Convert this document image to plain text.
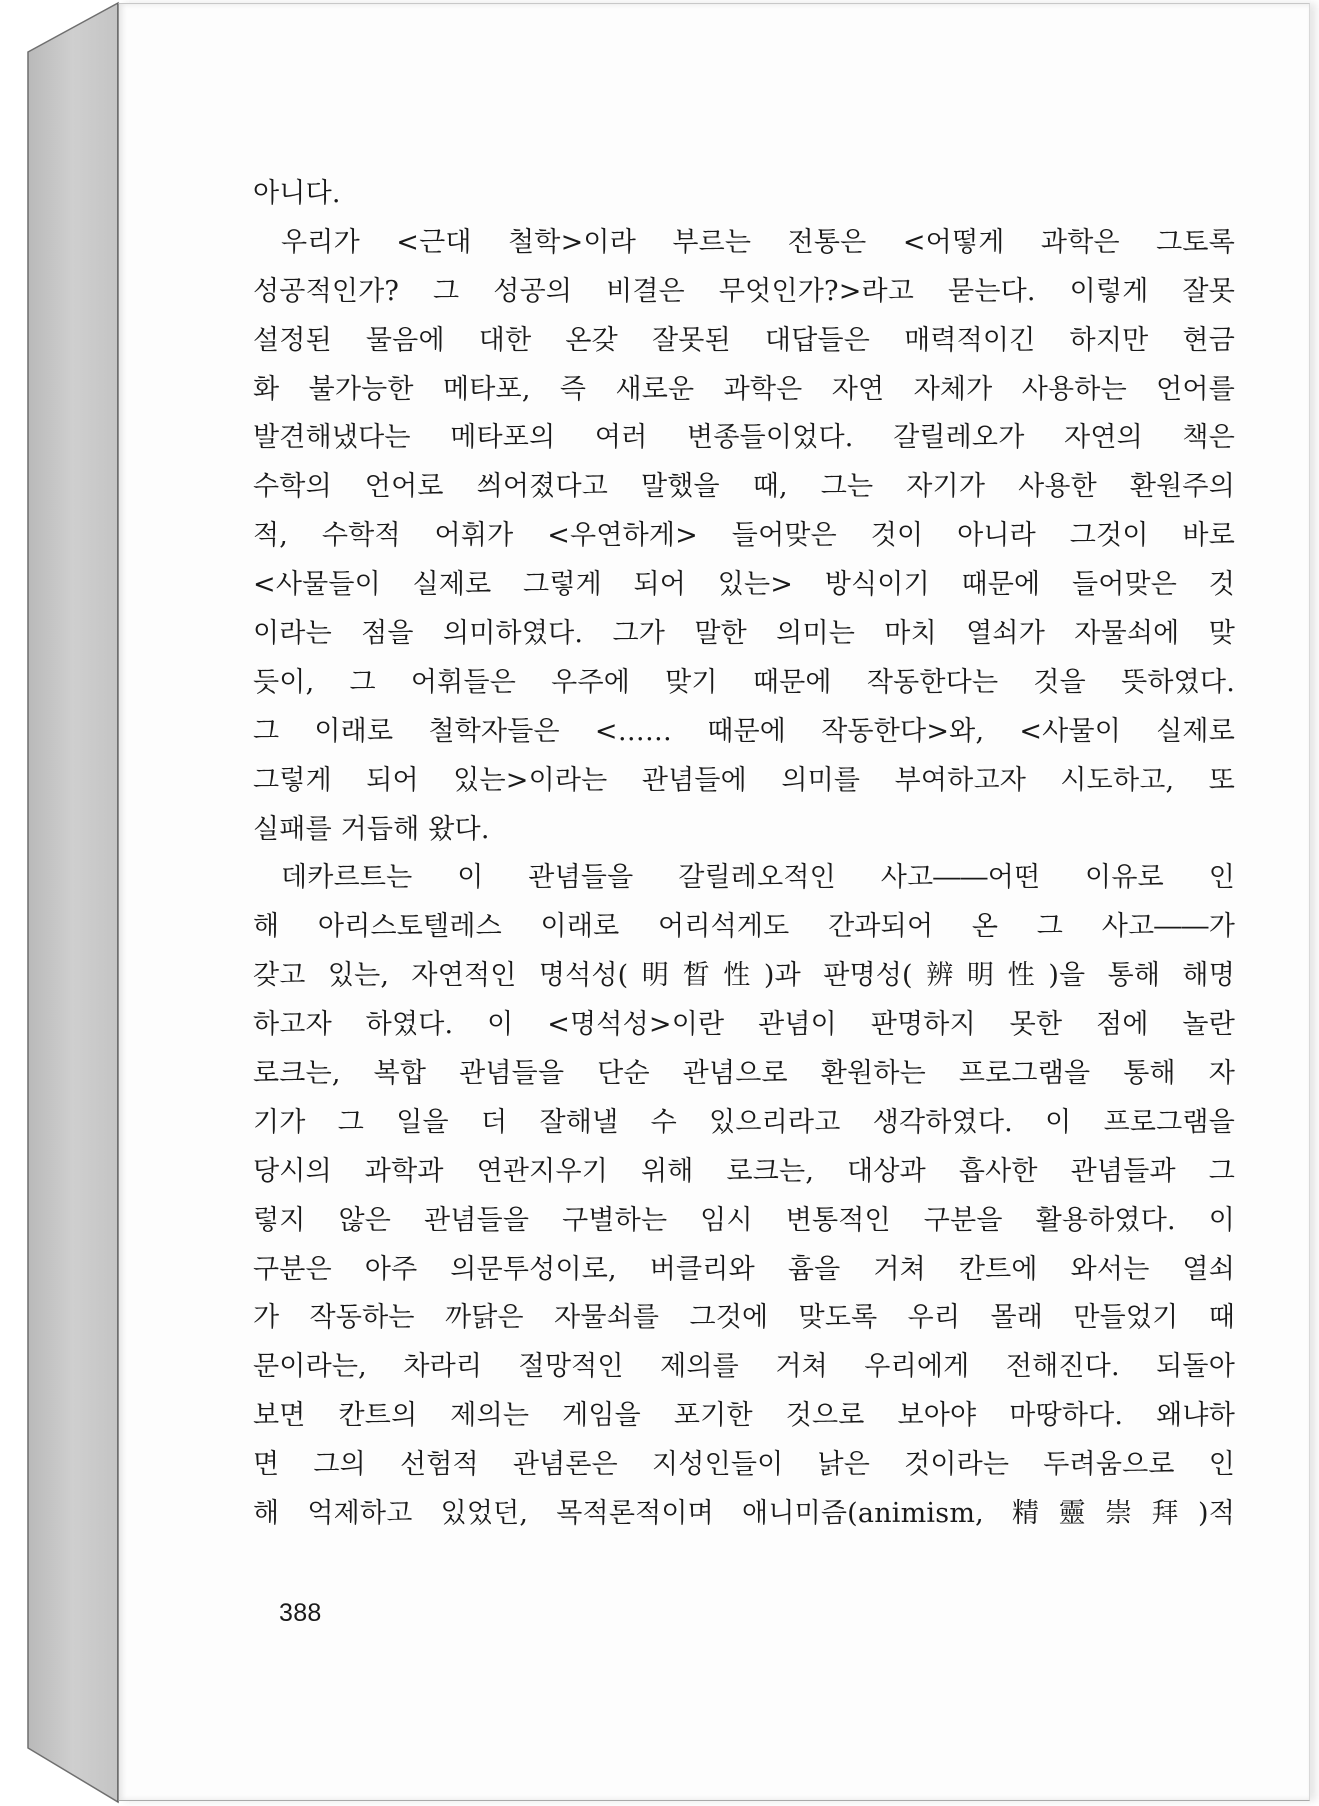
아니다.
우리가 <근대 철학>이라 부르는 전통은 <어떻게 과학은 그토록
성공적인가? 그 성공의 비결은 무엇인가?>라고 묻는다. 이렇게 잘못
설정된 물음에 대한 온갖 잘못된 대답들은 매력적이긴 하지만 현금
화 불가능한 메타포, 즉 새로운 과학은 자연 자체가 사용하는 언어를
발견해냈다는 메타포의 여러 변종들이었다. 갈릴레오가 자연의 책은
수학의 언어로 씌어졌다고 말했을 때, 그는 자기가 사용한 환원주의
적, 수학적 어휘가 <우연하게> 들어맞은 것이 아니라 그것이 바로
<사물들이 실제로 그렇게 되어 있는> 방식이기 때문에 들어맞은 것
이라는 점을 의미하였다. 그가 말한 의미는 마치 열쇠가 자물쇠에 맞
듯이, 그 어휘들은 우주에 맞기 때문에 작동한다는 것을 뜻하였다.
그 이래로 철학자들은 <…… 때문에 작동한다>와, <사물이 실제로
그렇게 되어 있는>이라는 관념들에 의미를 부여하고자 시도하고, 또
실패를 거듭해 왔다.
데카르트는 이 관념들을 갈릴레오적인 사고――어떤 이유로 인
해 아리스토텔레스 이래로 어리석게도 간과되어 온 그 사고――가
갖고 있는, 자연적인 명석성(明晳性)과 판명성(辨明性)을 통해 해명
하고자 하였다. 이 <명석성>이란 관념이 판명하지 못한 점에 놀란
로크는, 복합 관념들을 단순 관념으로 환원하는 프로그램을 통해 자
기가 그 일을 더 잘해낼 수 있으리라고 생각하였다. 이 프로그램을
당시의 과학과 연관지우기 위해 로크는, 대상과 흡사한 관념들과 그
렇지 않은 관념들을 구별하는 임시 변통적인 구분을 활용하였다. 이
구분은 아주 의문투성이로, 버클리와 흄을 거쳐 칸트에 와서는 열쇠
가 작동하는 까닭은 자물쇠를 그것에 맞도록 우리 몰래 만들었기 때
문이라는, 차라리 절망적인 제의를 거쳐 우리에게 전해진다. 되돌아
보면 칸트의 제의는 게임을 포기한 것으로 보아야 마땅하다. 왜냐하
면 그의 선험적 관념론은 지성인들이 낡은 것이라는 두려움으로 인
해 억제하고 있었던, 목적론적이며 애니미즘(animism, 精靈崇拜)적
388
